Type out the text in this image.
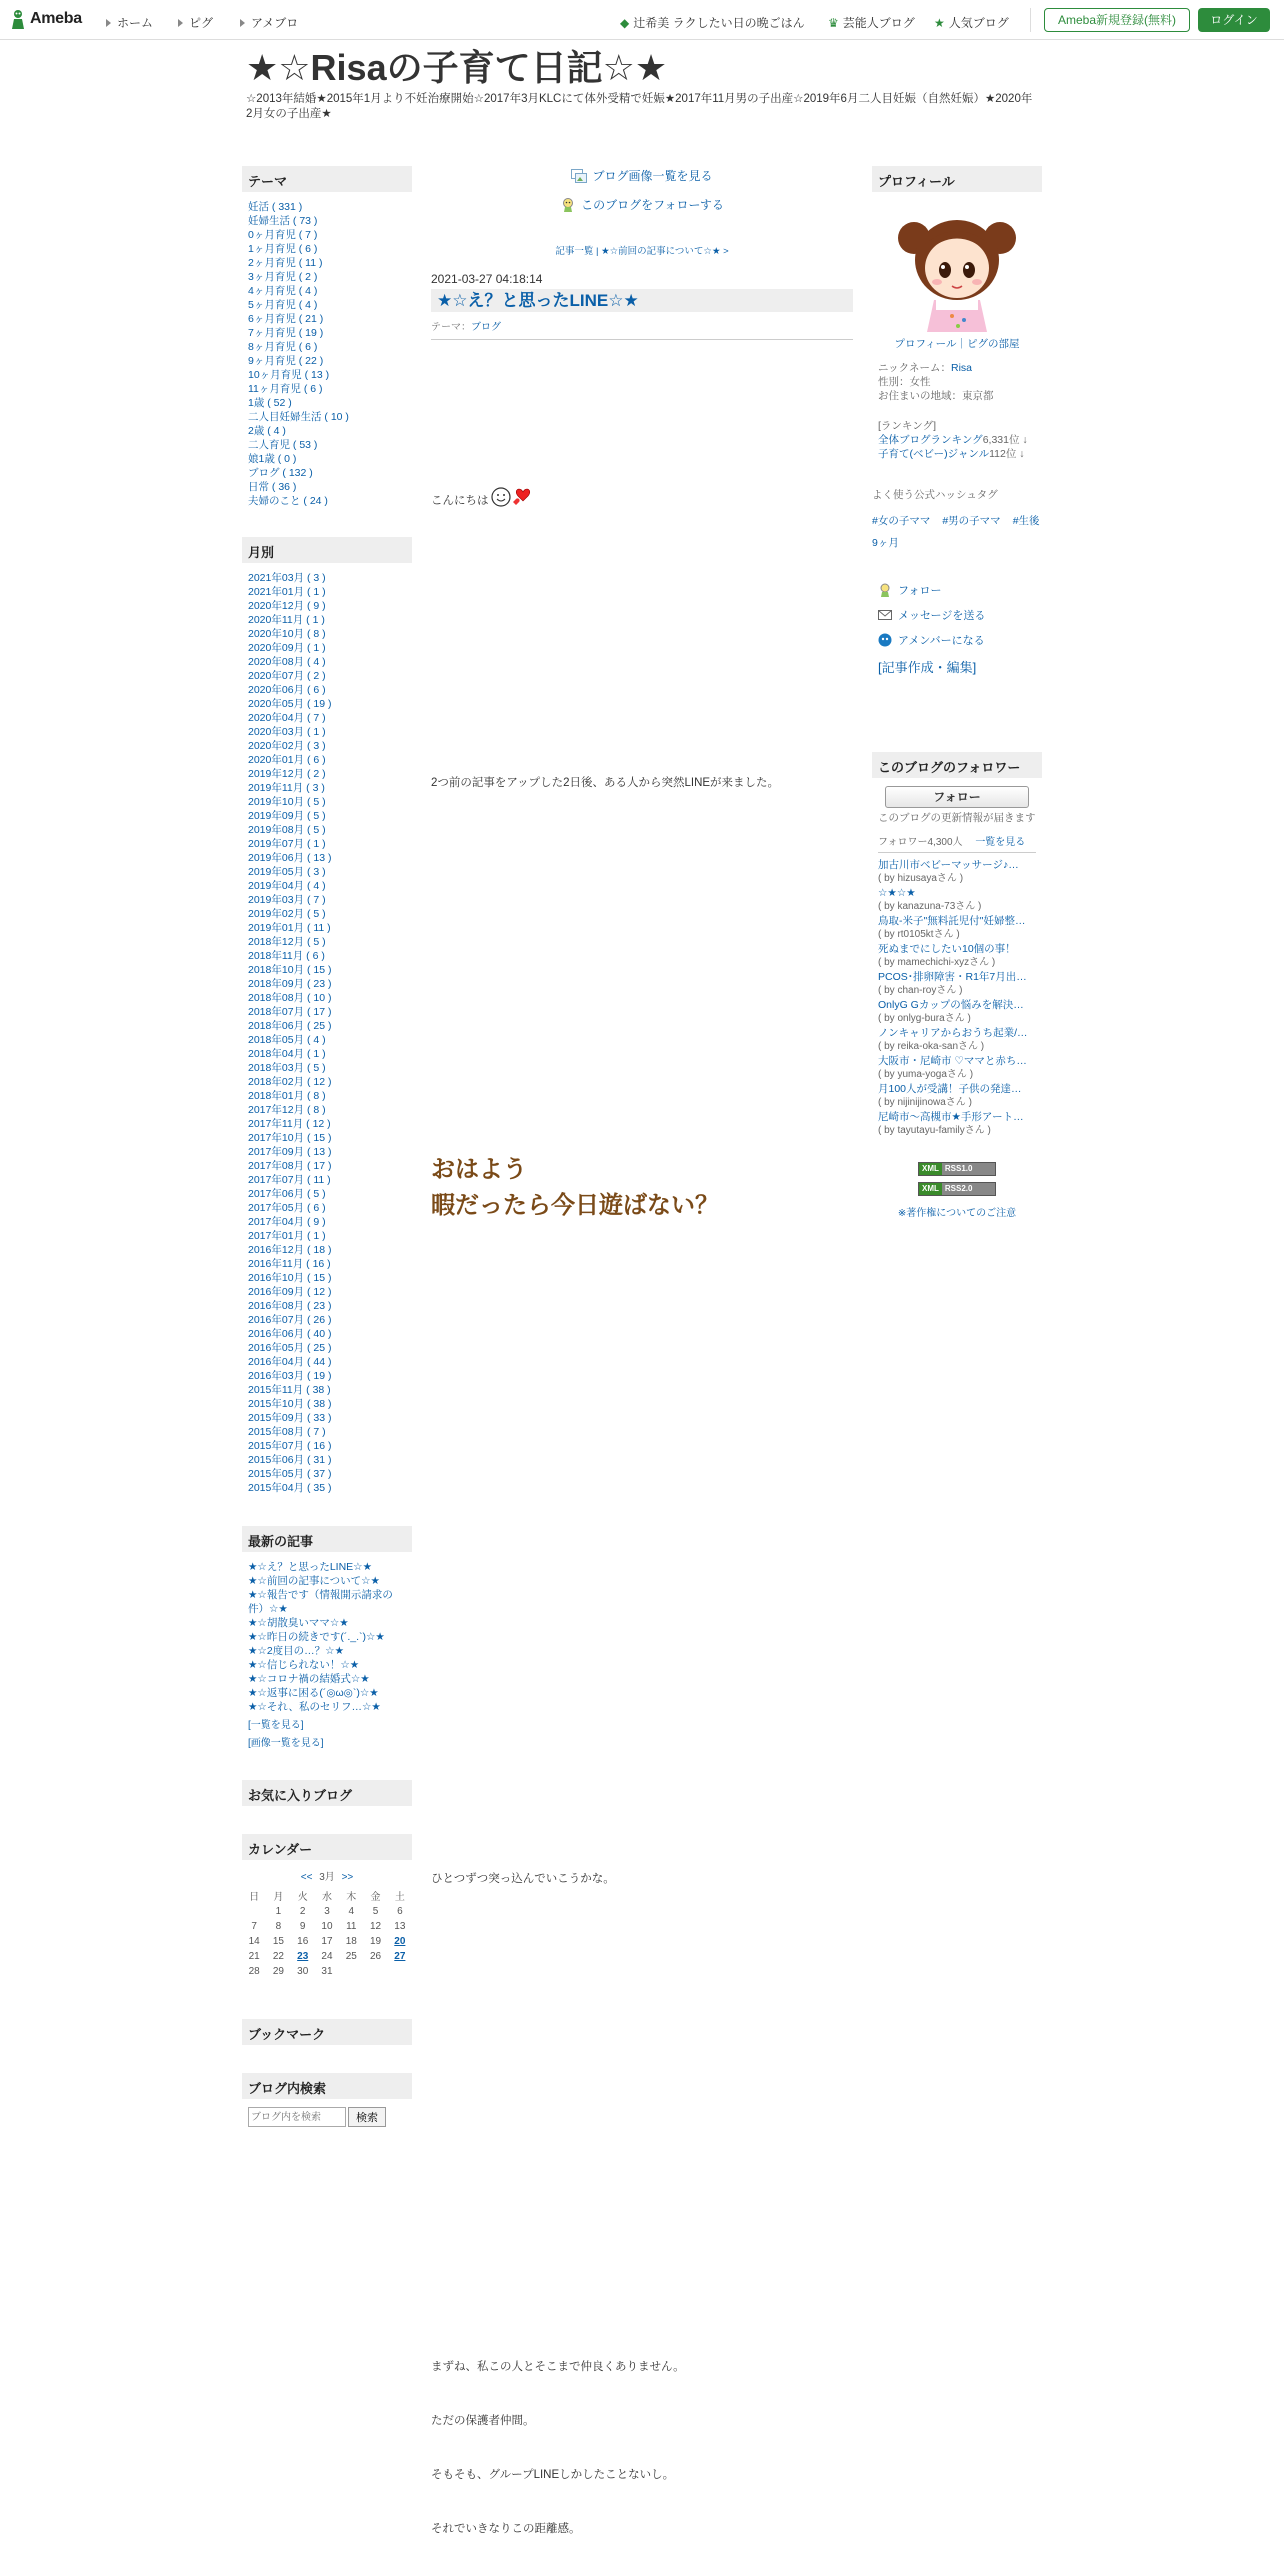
Ameba	ホーム	ピグ	アメブロ	◆ 辻希美 ラクしたい日の晩ごはん ♛ 芸能人ブログ ★ 人気ブログ	Ameba新規登録(無料)	ログイン
★☆Risaの子育て日記☆★
☆2013年結婚★2015年1月より不妊治療開始☆2017年3月KLCにて体外受精で妊娠★2017年11月男の子出産☆2019年6月二人目妊娠（自然妊娠）★2020年2月女の子出産★
テーマ
妊活 ( 331 )
妊婦生活 ( 73 )
0ヶ月育児 ( 7 )
1ヶ月育児 ( 6 )
2ヶ月育児 ( 11 )
3ヶ月育児 ( 2 )
4ヶ月育児 ( 4 )
5ヶ月育児 ( 4 )
6ヶ月育児 ( 21 )
7ヶ月育児 ( 19 )
8ヶ月育児 ( 6 )
9ヶ月育児 ( 22 )
10ヶ月育児 ( 13 )
11ヶ月育児 ( 6 )
1歳 ( 52 )
二人目妊婦生活 ( 10 )
2歳 ( 4 )
二人育児 ( 53 )
娘1歳 ( 0 )
ブログ ( 132 )
日常 ( 36 )
夫婦のこと ( 24 )
月別
2021年03月 ( 3 )
2021年01月 ( 1 )
2020年12月 ( 9 )
2020年11月 ( 1 )
2020年10月 ( 8 )
2020年09月 ( 1 )
2020年08月 ( 4 )
2020年07月 ( 2 )
2020年06月 ( 6 )
2020年05月 ( 19 )
2020年04月 ( 7 )
2020年03月 ( 1 )
2020年02月 ( 3 )
2020年01月 ( 6 )
2019年12月 ( 2 )
2019年11月 ( 3 )
2019年10月 ( 5 )
2019年09月 ( 5 )
2019年08月 ( 5 )
2019年07月 ( 1 )
2019年06月 ( 13 )
2019年05月 ( 3 )
2019年04月 ( 4 )
2019年03月 ( 7 )
2019年02月 ( 5 )
2019年01月 ( 11 )
2018年12月 ( 5 )
2018年11月 ( 6 )
2018年10月 ( 15 )
2018年09月 ( 23 )
2018年08月 ( 10 )
2018年07月 ( 17 )
2018年06月 ( 25 )
2018年05月 ( 4 )
2018年04月 ( 1 )
2018年03月 ( 5 )
2018年02月 ( 12 )
2018年01月 ( 8 )
2017年12月 ( 8 )
2017年11月 ( 12 )
2017年10月 ( 15 )
2017年09月 ( 13 )
2017年08月 ( 17 )
2017年07月 ( 11 )
2017年06月 ( 5 )
2017年05月 ( 6 )
2017年04月 ( 9 )
2017年01月 ( 1 )
2016年12月 ( 18 )
2016年11月 ( 16 )
2016年10月 ( 15 )
2016年09月 ( 12 )
2016年08月 ( 23 )
2016年07月 ( 26 )
2016年06月 ( 40 )
2016年05月 ( 25 )
2016年04月 ( 44 )
2016年03月 ( 19 )
2015年11月 ( 38 )
2015年10月 ( 38 )
2015年09月 ( 33 )
2015年08月 ( 7 )
2015年07月 ( 16 )
2015年06月 ( 31 )
2015年05月 ( 37 )
2015年04月 ( 35 )
最新の記事
★☆え？と思ったLINE☆★
★☆前回の記事について☆★
★☆報告です（情報開示請求の件）☆★
★☆胡散臭いママ☆★
★☆昨日の続きです(´._.`)☆★
★☆2度目の…？☆★
★☆信じられない！☆★
★☆コロナ禍の結婚式☆★
★☆返事に困る(´◎ω◎`)☆★
★☆それ、私のセリフ…☆★
[一覧を見る]
[画像一覧を見る]
お気に入りブログ
カレンダー
<< 3月 >>
日	月	火	水	木	金	土
	1	2	3	4	5	6
7	8	9	10	11	12	13
14	15	16	17	18	19	20
21	22	23	24	25	26	27
28	29	30	31			
ブックマーク
ブログ内検索
ブログ内を検索
検索
ブログ画像一覧を見る
このブログをフォローする
記事一覧 | ★☆前回の記事について☆★ >
2021-03-27 04:18:14
★☆え？と思ったLINE☆★
テーマ：ブログ
こんにちは
2つ前の記事をアップした2日後、ある人から突然LINEが来ました。
おはよう
暇だったら今日遊ばない？
ひとつずつ突っ込んでいこうかな。
まずね、私この人とそこまで仲良くありません。
ただの保護者仲間。
そもそも、グループLINEしかしたことないし。
それでいきなりこの距離感。
プロフィール
プロフィール｜ピグの部屋
ニックネーム：Risa
性別：女性
お住まいの地域：東京都
[ランキング]
全体ブログランキング6,331位 ↓
子育て(ベビー)ジャンル112位 ↓
よく使う公式ハッシュタグ
#女の子ママ #男の子ママ #生後9ヶ月
フォロー
メッセージを送る
アメンバーになる
[記事作成・編集]
このブログのフォロワー
フォロー
このブログの更新情報が届きます
フォロワー4,300人 一覧を見る
加古川市ベビーマッサージ♪…
( by hizusayaさん )
☆★☆★
( by kanazuna-73さん )
鳥取-米子"無料託児付"妊婦整…
( by rt0105ktさん )
死ぬまでにしたい10個の事！
( by mamechichi-xyzさん )
PCOS･排卵障害・R1年7月出…
( by chan-royさん )
OnlyG Gカップの悩みを解決…
( by onlyg-buraさん )
ノンキャリアからおうち起業/…
( by reika-oka-sanさん )
大阪市・尼崎市 ♡ママと赤ち…
( by yuma-yogaさん )
月100人が受講！子供の発達…
( by nijinijinowaさん )
尼崎市～高槻市★手形アート…
( by tayutayu-familyさん )
XML RSS1.0
XML RSS2.0
※著作権についてのご注意
